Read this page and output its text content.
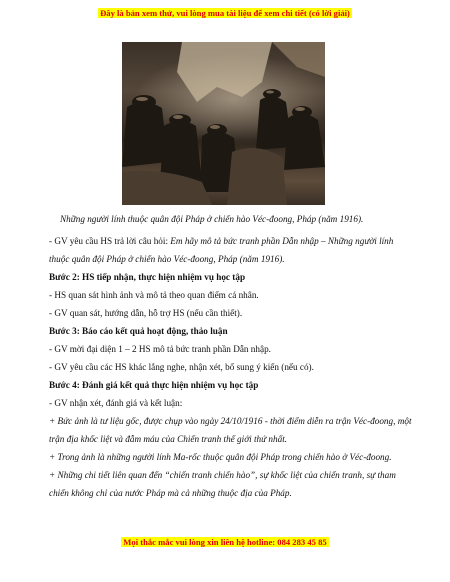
Đây là bản xem thử, vui lòng mua tài liệu để xem chi tiết (có lời giải)
Những người lính thuộc quân đội Pháp ở chiến hào Véc-đoong, Pháp (năm 1916).

- GV yêu cầu HS trả lời câu hỏi: Em hãy mô tả bức tranh phần Dẫn nhập – Những người lính thuộc quân đội Pháp ở chiến hào Véc-đoong, Pháp (năm 1916).

Bước 2: HS tiếp nhận, thực hiện nhiệm vụ học tập

- HS quan sát hình ảnh và mô tả theo quan điểm cá nhân.

- GV quan sát, hướng dẫn, hỗ trợ HS (nếu cần thiết).

Bước 3: Báo cáo kết quả hoạt động, thảo luận

- GV mời đại diện 1 – 2 HS mô tả bức tranh phần Dẫn nhập.

- GV yêu cầu các HS khác lắng nghe, nhận xét, bổ sung ý kiến (nếu có).

Bước 4: Đánh giá kết quả thực hiện nhiệm vụ học tập

- GV nhận xét, đánh giá và kết luận:

+ Bức ảnh là tư liệu gốc, được chụp vào ngày 24/10/1916 - thời điểm diễn ra trận Véc-đoong, một trận địa khốc liệt và đẫm máu của Chiến tranh thế giới thứ nhất.

+ Trong ảnh là những người lính Ma-rốc thuộc quân đội Pháp trong chiến hào ở Véc-đoong.

+ Những chi tiết liên quan đến “chiến tranh chiến hào”, sự khốc liệt của chiến tranh, sự tham chiến không chỉ của nước Pháp mà cả những thuộc địa của Pháp.

Mọi thắc mắc vui lòng xin liên hệ hotline: 084 283 45 85
